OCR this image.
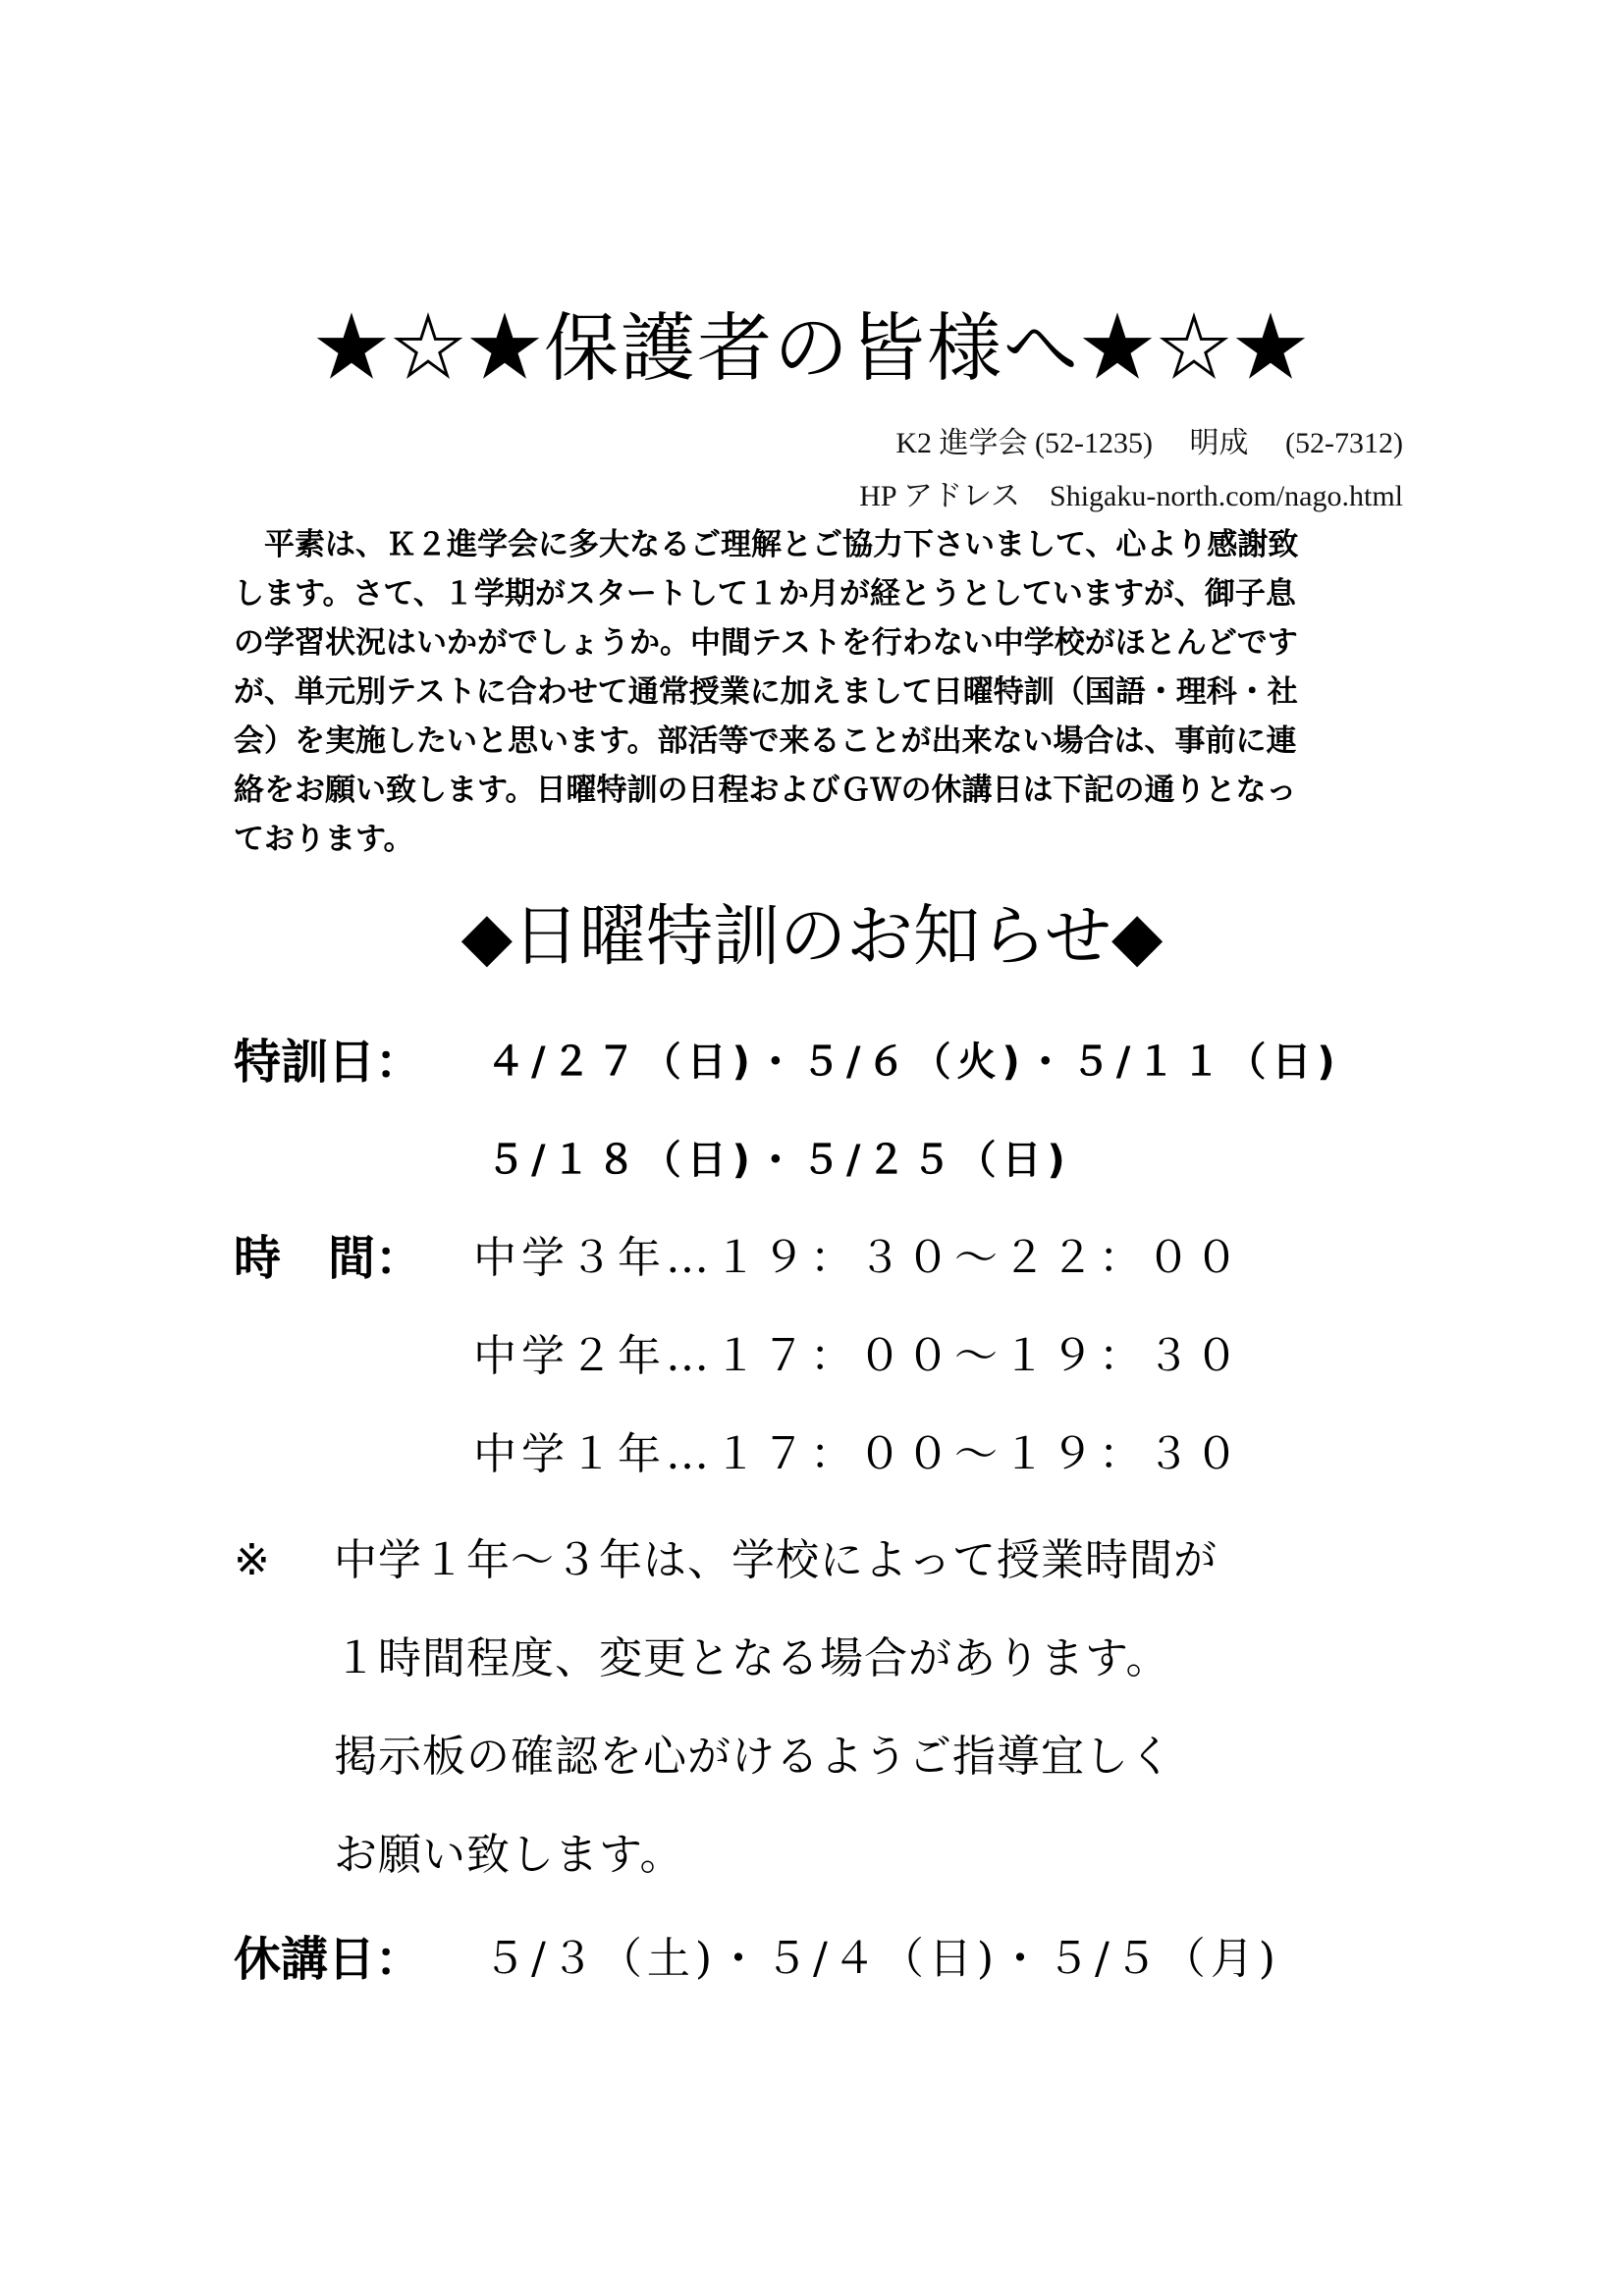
★☆★保護者の皆様へ★☆★
K2 進学会 (52-1235)　 明成　 (52-7312)
HP アドレス　Shigaku-north.com/nago.html
　平素は、Ｋ２進学会に多大なるご理解とご協力下さいまして、心より感謝致
します。さて、１学期がスタートして１か月が経とうとしていますが、御子息
の学習状況はいかがでしょうか。中間テストを行わない中学校がほとんどです
が、単元別テストに合わせて通常授業に加えまして日曜特訓（国語・理科・社
会）を実施したいと思います。部活等で来ることが出来ない場合は、事前に連
絡をお願い致します。日曜特訓の日程およびＧＷの休講日は下記の通りとなっ
ております。
◆日曜特訓のお知らせ◆
特訓日： ４/２７（日)・５/６（火)・５/１１（日)
５/１８（日)・５/２５（日)
時　間： 中学３年…１９：３０～２２：００
中学２年…１７：００～１９：３０
中学１年…１７：００～１９：３０
※ 中学１年～３年は、学校によって授業時間が
１時間程度、変更となる場合があります。
掲示板の確認を心がけるようご指導宜しく
お願い致します。
休講日： ５/３（土)・５/４（日)・５/５（月)
